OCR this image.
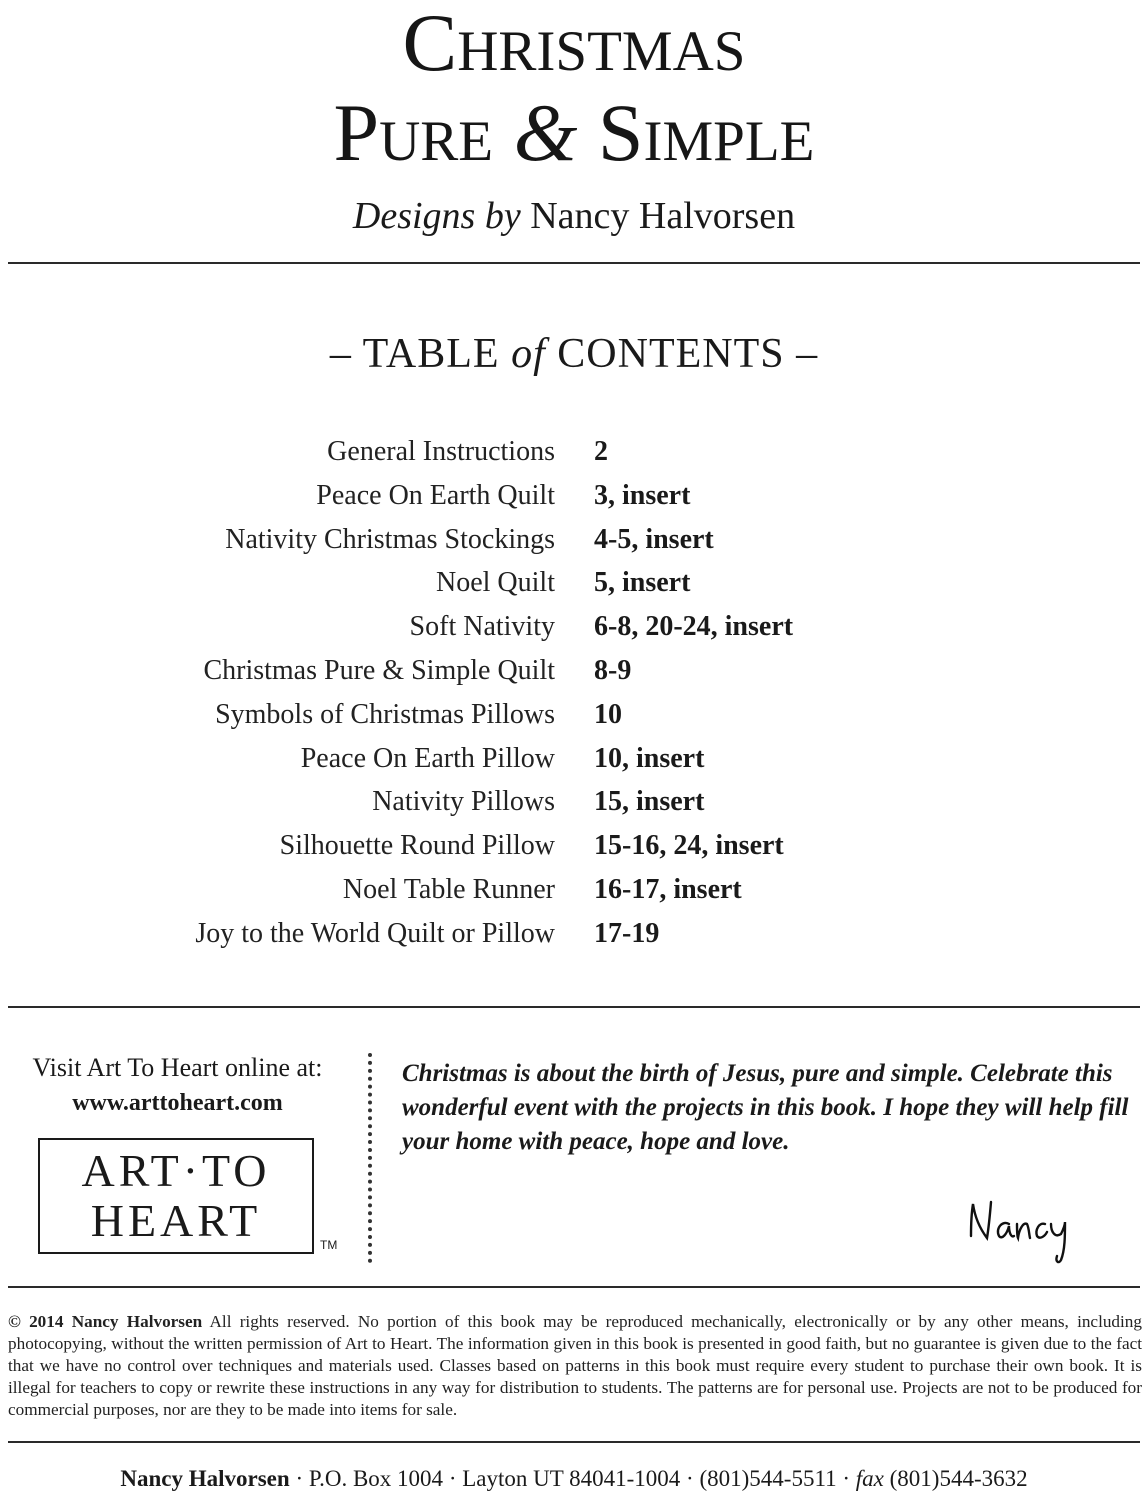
Christmas
Pure & Simple
Designs by Nancy Halvorsen
– TABLE of CONTENTS –
General Instructions 2
Peace On Earth Quilt 3, insert
Nativity Christmas Stockings 4-5, insert
Noel Quilt 5, insert
Soft Nativity 6-8, 20-24, insert
Christmas Pure & Simple Quilt 8-9
Symbols of Christmas Pillows 10
Peace On Earth Pillow 10, insert
Nativity Pillows 15, insert
Silhouette Round Pillow 15-16, 24, insert
Noel Table Runner 16-17, insert
Joy to the World Quilt or Pillow 17-19
Visit Art To Heart online at:
www.arttoheart.com
ART·TO
HEART	TM
Christmas is about the birth of Jesus, pure and simple. Celebrate this wonderful event with the projects in this book. I hope they will help fill your home with peace, hope and love.
© 2014 Nancy Halvorsen All rights reserved. No portion of this book may be reproduced mechanically, electronically or by any other means, including photocopying, without the written permission of Art to Heart. The information given in this book is presented in good faith, but no guarantee is given due to the fact that we have no control over techniques and materials used. Classes based on patterns in this book must require every student to purchase their own book. It is illegal for teachers to copy or rewrite these instructions in any way for distribution to students. The patterns are for personal use. Projects are not to be produced for commercial purposes, nor are they to be made into items for sale.
Nancy Halvorsen · P.O. Box 1004 · Layton UT 84041-1004 · (801)544-5511 · fax (801)544-3632
